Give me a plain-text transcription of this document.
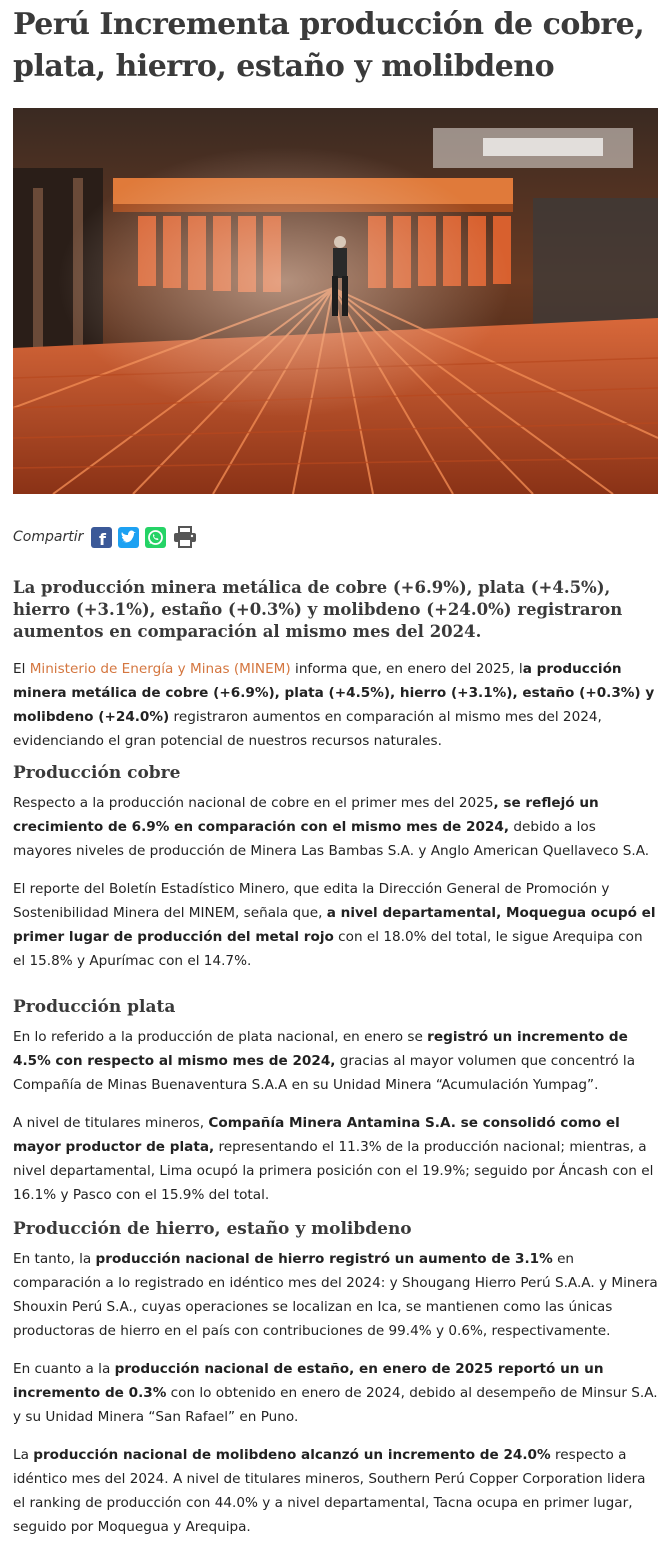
Perú Incrementa producción de cobre, plata, hierro, estaño y molibdeno
Compartir f
La producción minera metálica de cobre (+6.9%), plata (+4.5%), hierro (+3.1%), estaño (+0.3%) y molibdeno (+24.0%) registraron aumentos en comparación al mismo mes del 2024.

El Ministerio de Energía y Minas (MINEM) informa que, en enero del 2025, la producción minera metálica de cobre (+6.9%), plata (+4.5%), hierro (+3.1%), estaño (+0.3%) y molibdeno (+24.0%) registraron aumentos en comparación al mismo mes del 2024, evidenciando el gran potencial de nuestros recursos naturales.

Producción cobre

Respecto a la producción nacional de cobre en el primer mes del 2025, se reflejó un crecimiento de 6.9% en comparación con el mismo mes de 2024, debido a los mayores niveles de producción de Minera Las Bambas S.A. y Anglo American Quellaveco S.A.

El reporte del Boletín Estadístico Minero, que edita la Dirección General de Promoción y Sostenibilidad Minera del MINEM, señala que, a nivel departamental, Moquegua ocupó el primer lugar de producción del metal rojo con el 18.0% del total, le sigue Arequipa con el 15.8% y Apurímac con el 14.7%.

Producción plata

En lo referido a la producción de plata nacional, en enero se registró un incremento de 4.5% con respecto al mismo mes de 2024, gracias al mayor volumen que concentró la Compañía de Minas Buenaventura S.A.A en su Unidad Minera “Acumulación Yumpag”.

A nivel de titulares mineros, Compañía Minera Antamina S.A. se consolidó como el mayor productor de plata, representando el 11.3% de la producción nacional; mientras, a nivel departamental, Lima ocupó la primera posición con el 19.9%; seguido por Áncash con el 16.1% y Pasco con el 15.9% del total.

Producción de hierro, estaño y molibdeno

En tanto, la producción nacional de hierro registró un aumento de 3.1% en comparación a lo registrado en idéntico mes del 2024: y Shougang Hierro Perú S.A.A. y Minera Shouxin Perú S.A., cuyas operaciones se localizan en Ica, se mantienen como las únicas productoras de hierro en el país con contribuciones de 99.4% y 0.6%, respectivamente.

En cuanto a la producción nacional de estaño, en enero de 2025 reportó un un incremento de 0.3% con lo obtenido en enero de 2024, debido al desempeño de Minsur S.A. y su Unidad Minera “San Rafael” en Puno.

La producción nacional de molibdeno alcanzó un incremento de 24.0% respecto a idéntico mes del 2024. A nivel de titulares mineros, Southern Perú Copper Corporation lidera el ranking de producción con 44.0% y a nivel departamental, Tacna ocupa en primer lugar, seguido por Moquegua y Arequipa.
